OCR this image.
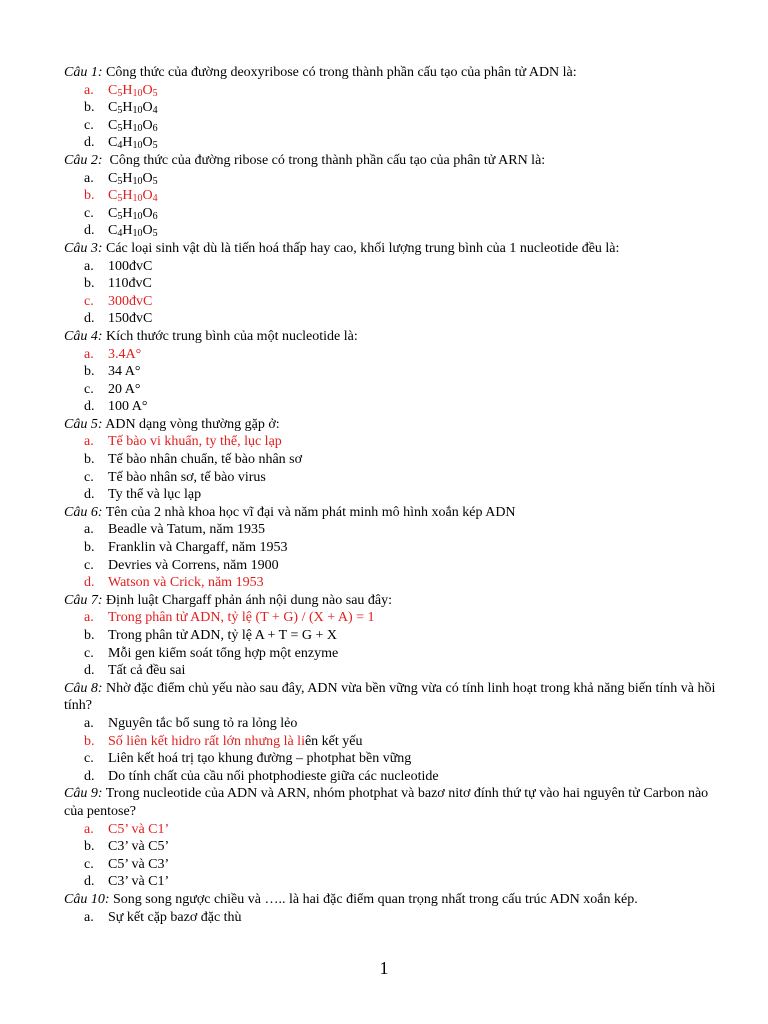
Câu 1: Công thức của đường deoxyribose có trong thành phần cấu tạo của phân tử ADN là:

a.	$C_5H_{10}O_5$
b. $C_5H_{10}O_4$
c.	$C_5H_{10}O_6$
d. $C_4H_{10}O_5$

Câu 2:  Công thức của đường ribose có trong thành phần cấu tạo của phân tử ARN là:

a.	$C_5H_{10}O_5$
b. $C_5H_{10}O_4$
c.	$C_5H_{10}O_6$
d. $C_4H_{10}O_5$

Câu 3: Các loại sinh vật dù là tiến hoá thấp hay cao, khối lượng trung bình của 1 nucleotide đều là:

a.	100đvC
b. 110đvC
c.	300đvC
d. 150đvC

Câu 4: Kích thước trung bình của một nucleotide là:

a.	3.4A°
b. 34 A°
c.	20 A°
d. 100 A°

Câu 5: ADN dạng vòng thường gặp ở:

a.	Tế bào vi khuẩn, ty thể, lục lạp
b. Tế bào nhân chuẩn, tế bào nhân sơ
c.	Tế bào nhân sơ, tế bào virus
d. Ty thể và lục lạp

Câu 6: Tên của 2 nhà khoa học vĩ đại và năm phát minh mô hình xoắn kép ADN

a.	Beadle và Tatum, năm 1935
b. Franklin và Chargaff, năm 1953
c.	Devries và Correns, năm 1900
d. Watson và Crick, năm 1953

Câu 7: Định luật Chargaff phản ánh nội dung nào sau đây:

a.	Trong phân tử ADN, tỷ lệ (T + G) / (X + A) = 1
b. Trong phân tử ADN, tỷ lệ A + T = G + X
c.	Mỗi gen kiểm soát tổng hợp một enzyme
d. Tất cả đều sai

Câu 8: Nhờ đặc điểm chủ yếu nào sau đây, ADN vừa bền vững vừa có tính linh hoạt trong khả năng biến tính và hồi tính?

a.	Nguyên tắc bổ sung tỏ ra lỏng lẻo
b. Số liên kết hidro rất lớn nhưng là liên kết yếu
c.	Liên kết hoá trị tạo khung đường – photphat bền vững
d. Do tính chất của cầu nối photphodieste giữa các nucleotide

Câu 9: Trong nucleotide của ADN và ARN, nhóm photphat và bazơ nitơ đính thứ tự vào hai nguyên tử Carbon nào của pentose?

a.	C5’ và C1’
b. C3’ và C5’
c.	C5’ và C3’
d. C3’ và C1’

Câu 10: Song song ngược chiều và ….. là hai đặc điểm quan trọng nhất trong cấu trúc ADN xoắn kép.

a.	Sự kết cặp bazơ đặc thù
1
